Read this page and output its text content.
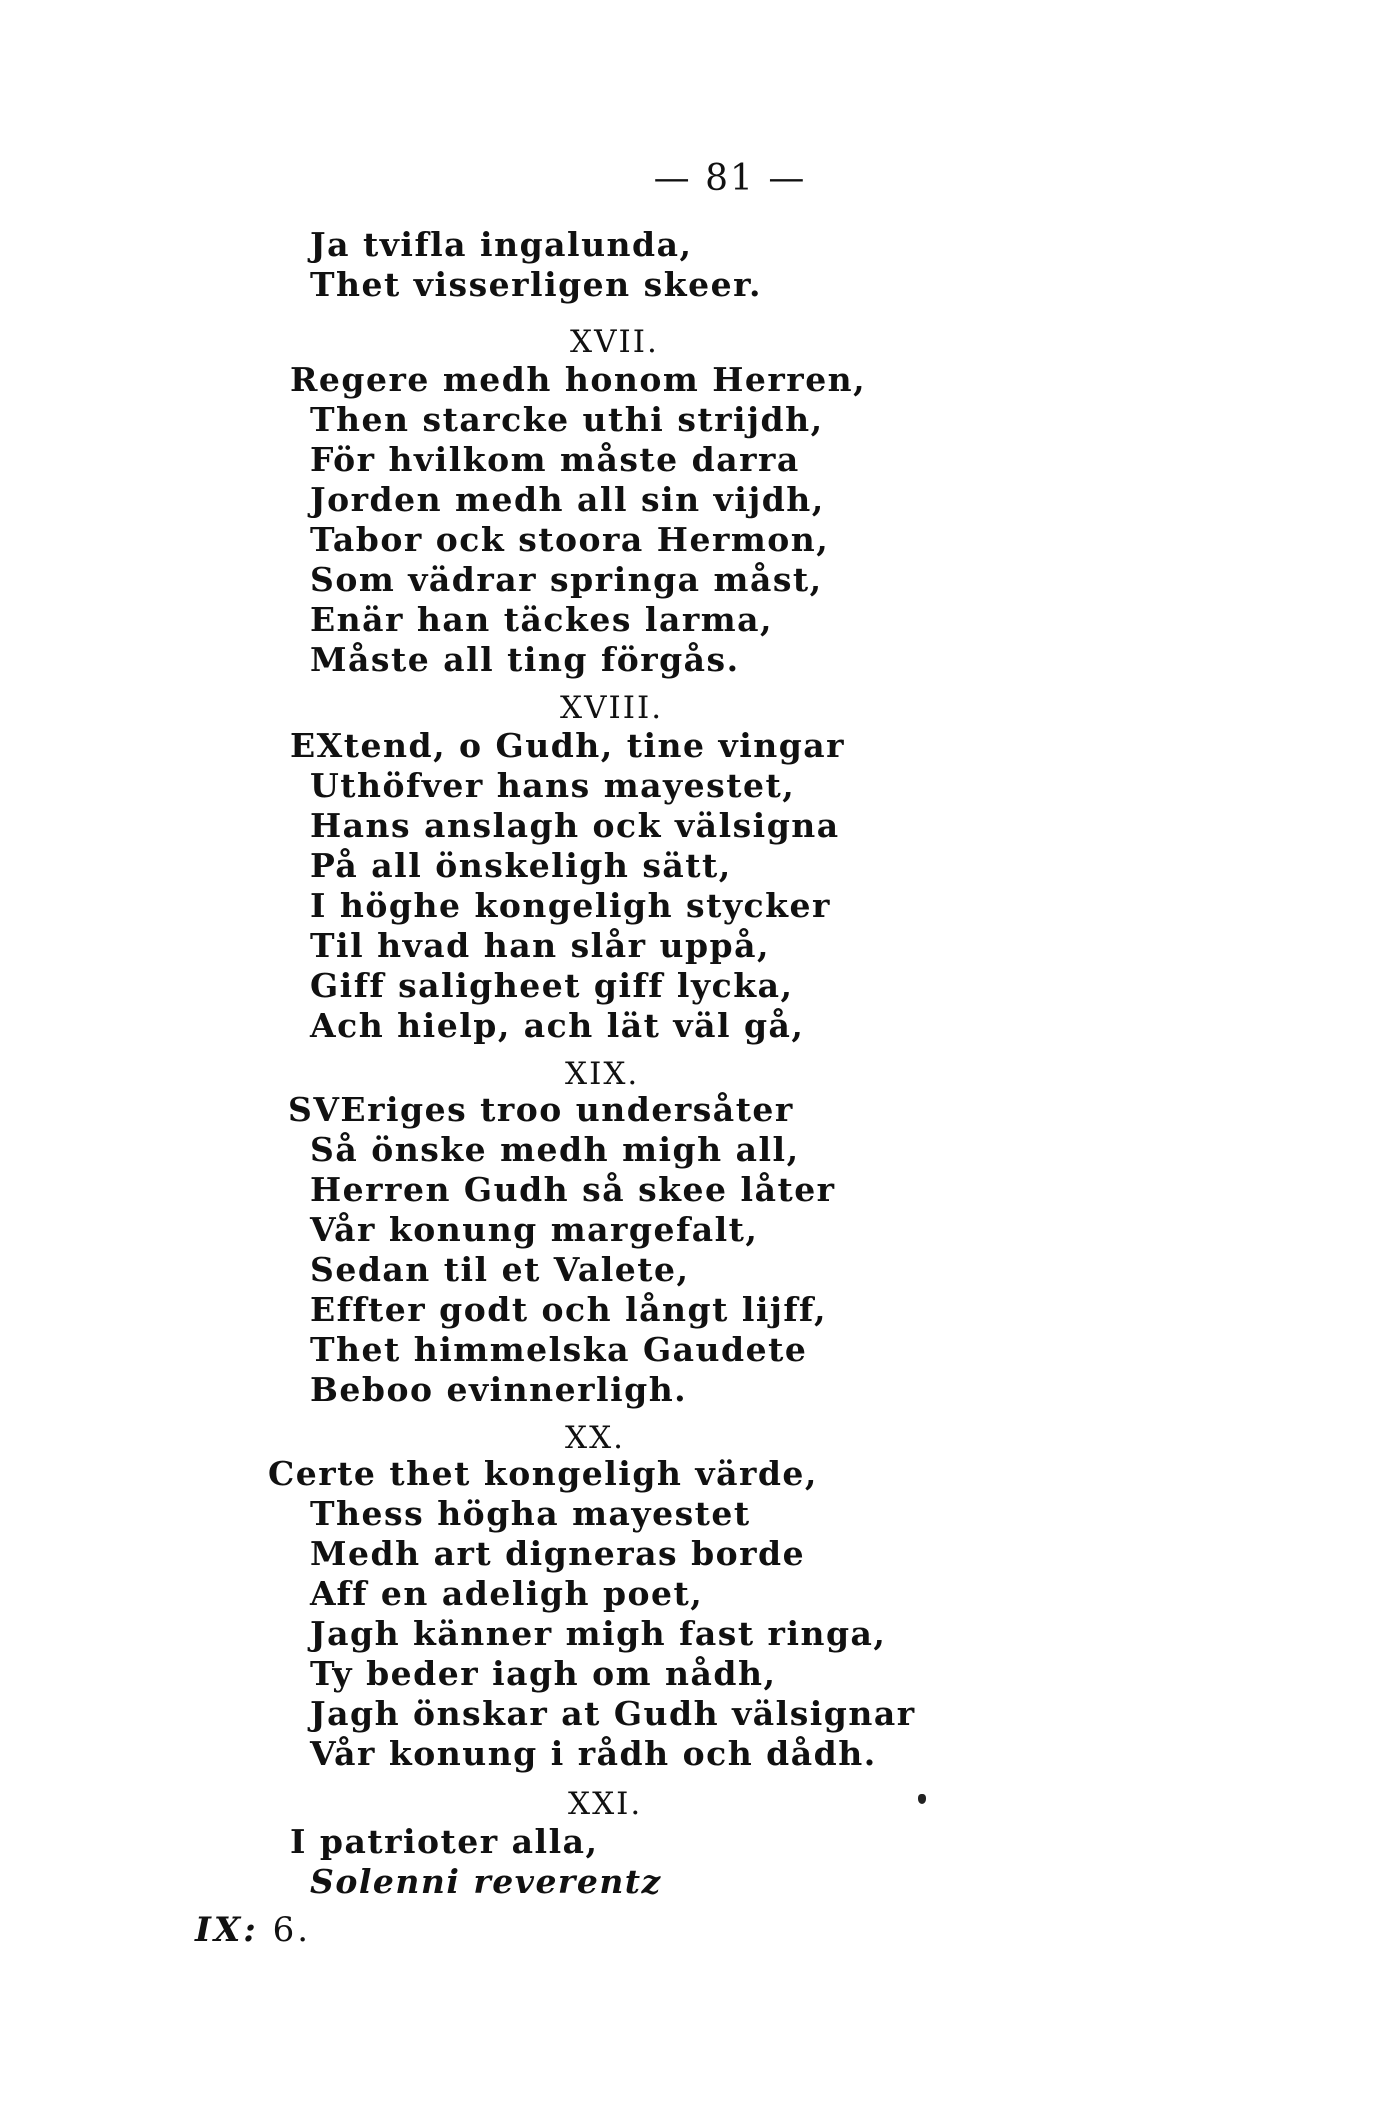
— 81 —
Ja tvifla ingalunda,
Thet visserligen skeer.
XVII.
Regere medh honom Herren,
Then starcke uthi strijdh,
För hvilkom måste darra
Jorden medh all sin vijdh,
Tabor ock stoora Hermon,
Som vädrar springa måst,
Enär han täckes larma,
Måste all ting förgås.
XVIII.
EXtend, o Gudh, tine vingar
Uthöfver hans mayestet,
Hans anslagh ock välsigna
På all önskeligh sätt,
I höghe kongeligh stycker
Til hvad han slår uppå,
Giff saligheet giff lycka,
Ach hielp, ach lät väl gå,
XIX.
SVEriges troo undersåter
Så önske medh migh all,
Herren Gudh så skee låter
Vår konung margefalt,
Sedan til et Valete,
Effter godt och långt lijff,
Thet himmelska Gaudete
Beboo evinnerligh.
XX.
Certe thet kongeligh värde,
Thess högha mayestet
Medh art digneras borde
Aff en adeligh poet,
Jagh känner migh fast ringa,
Ty beder iagh om nådh,
Jagh önskar at Gudh välsignar
Vår konung i rådh och dådh.
XXI.
I patrioter alla,
Solenni reverentz
IX: 6.
